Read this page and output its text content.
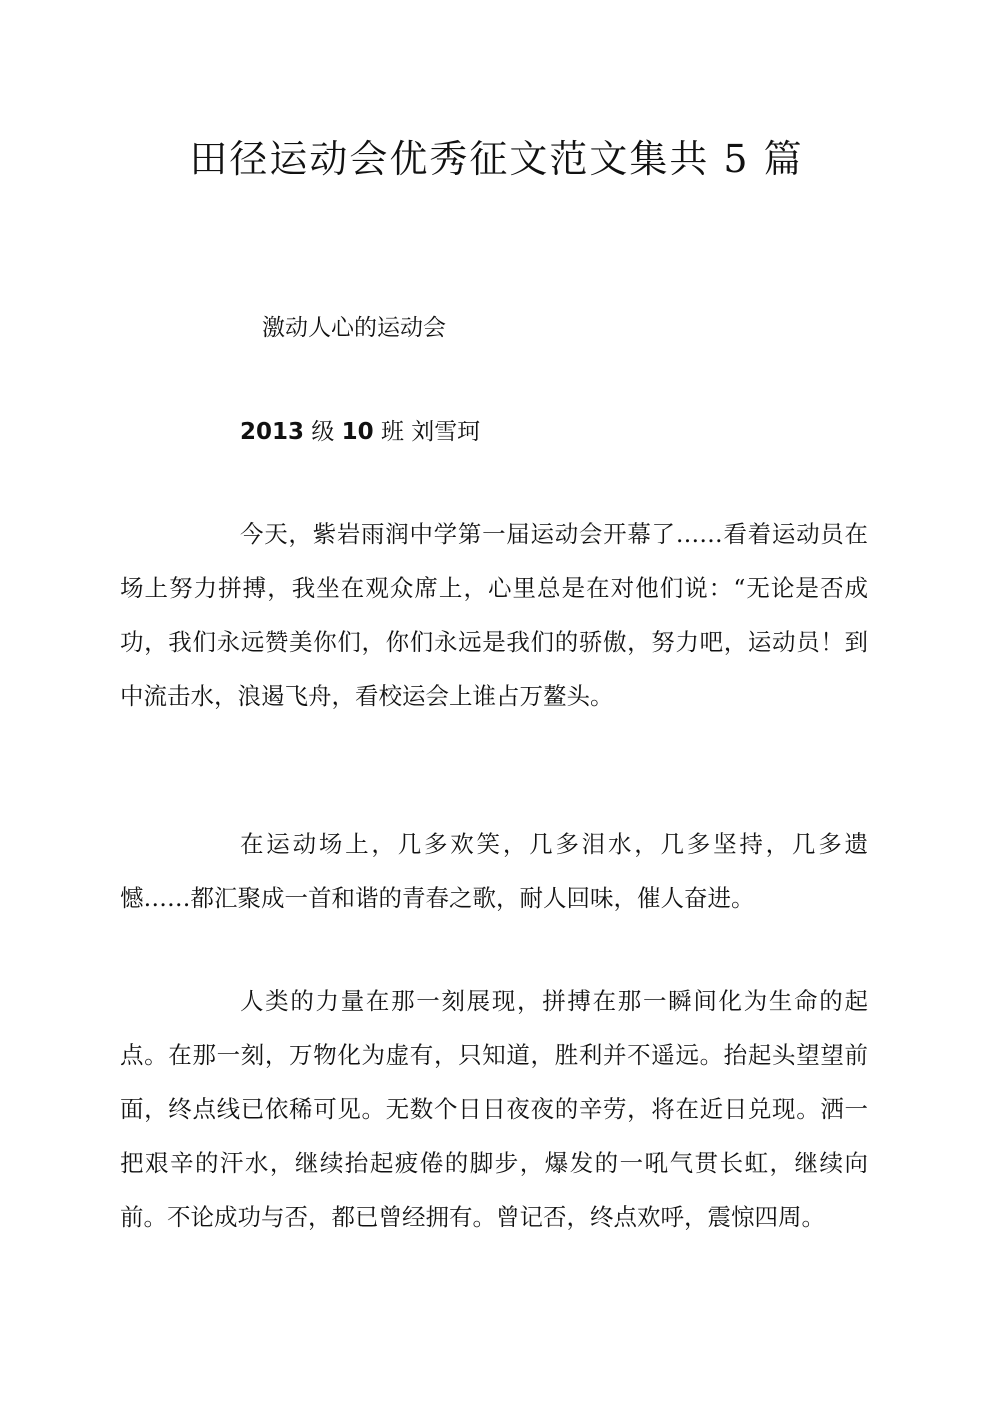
田径运动会优秀征文范文集共 5 篇
激动人心的运动会
2013 级 10 班 刘雪珂

今天，紫岩雨润中学第一届运动会开幕了……看着运动员在场上努力拼搏，我坐在观众席上，心里总是在对他们说：“无论是否成功，我们永远赞美你们，你们永远是我们的骄傲，努力吧，运动员！到中流击水，浪遏飞舟，看校运会上谁占万鳌头。

在运动场上，几多欢笑，几多泪水，几多坚持，几多遗憾……都汇聚成一首和谐的青春之歌，耐人回味，催人奋进。

人类的力量在那一刻展现，拼搏在那一瞬间化为生命的起点。在那一刻，万物化为虚有，只知道，胜利并不遥远。抬起头望望前面，终点线已依稀可见。无数个日日夜夜的辛劳，将在近日兑现。洒一把艰辛的汗水，继续抬起疲倦的脚步，爆发的一吼气贯长虹，继续向前。不论成功与否，都已曾经拥有。曾记否，终点欢呼，震惊四周。
